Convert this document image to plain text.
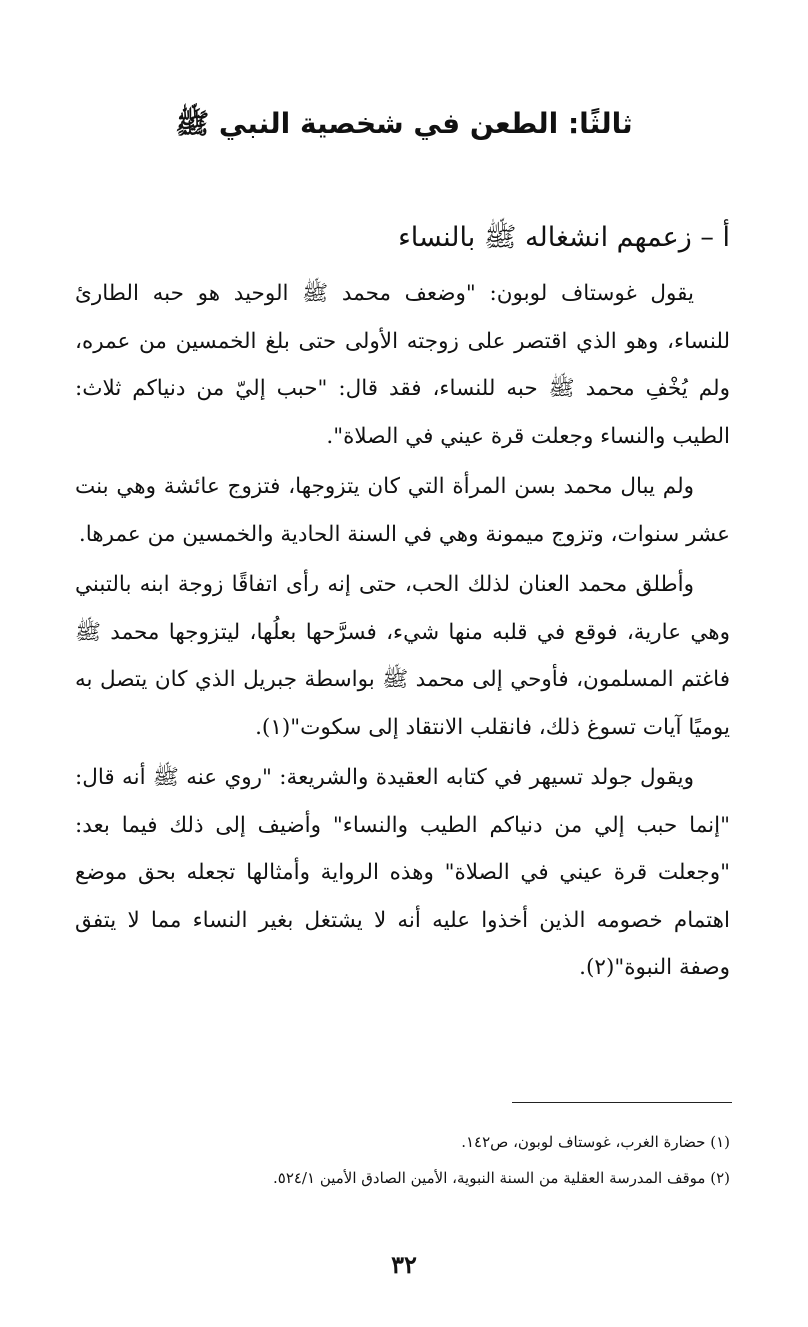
ثالثًا: الطعن في شخصية النبي ﷺ
أ – زعمهم انشغاله ﷺ بالنساء

يقول غوستاف لوبون: "وضعف محمد ﷺ الوحيد هو حبه الطارئ للنساء، وهو الذي اقتصر على زوجته الأولى حتى بلغ الخمسين من عمره، ولم يُخْفِ محمد ﷺ حبه للنساء، فقد قال: "حبب إليّ من دنياكم ثلاث: الطيب والنساء وجعلت قرة عيني في الصلاة".

ولم يبال محمد بسن المرأة التي كان يتزوجها، فتزوج عائشة وهي بنت عشر سنوات، وتزوج ميمونة وهي في السنة الحادية والخمسين من عمرها.

وأطلق محمد العنان لذلك الحب، حتى إنه رأى اتفاقًا زوجة ابنه بالتبني وهي عارية، فوقع في قلبه منها شيء، فسرَّحها بعلُها، ليتزوجها محمد ﷺ فاغتم المسلمون، فأوحي إلى محمد ﷺ بواسطة جبريل الذي كان يتصل به يوميًا آيات تسوغ ذلك، فانقلب الانتقاد إلى سكوت"(١).

ويقول جولد تسيهر في كتابه العقيدة والشريعة: "روي عنه ﷺ أنه قال: "إنما حبب إلي من دنياكم الطيب والنساء" وأضيف إلى ذلك فيما بعد: "وجعلت قرة عيني في الصلاة" وهذه الرواية وأمثالها تجعله بحق موضع اهتمام خصومه الذين أخذوا عليه أنه لا يشتغل بغير النساء مما لا يتفق وصفة النبوة"(٢).

(١) حضارة الغرب، غوستاف لوبون، ص١٤٢.
(٢) موقف المدرسة العقلية من السنة النبوية، الأمين الصادق الأمين ٥٢٤/١.
٣٢
